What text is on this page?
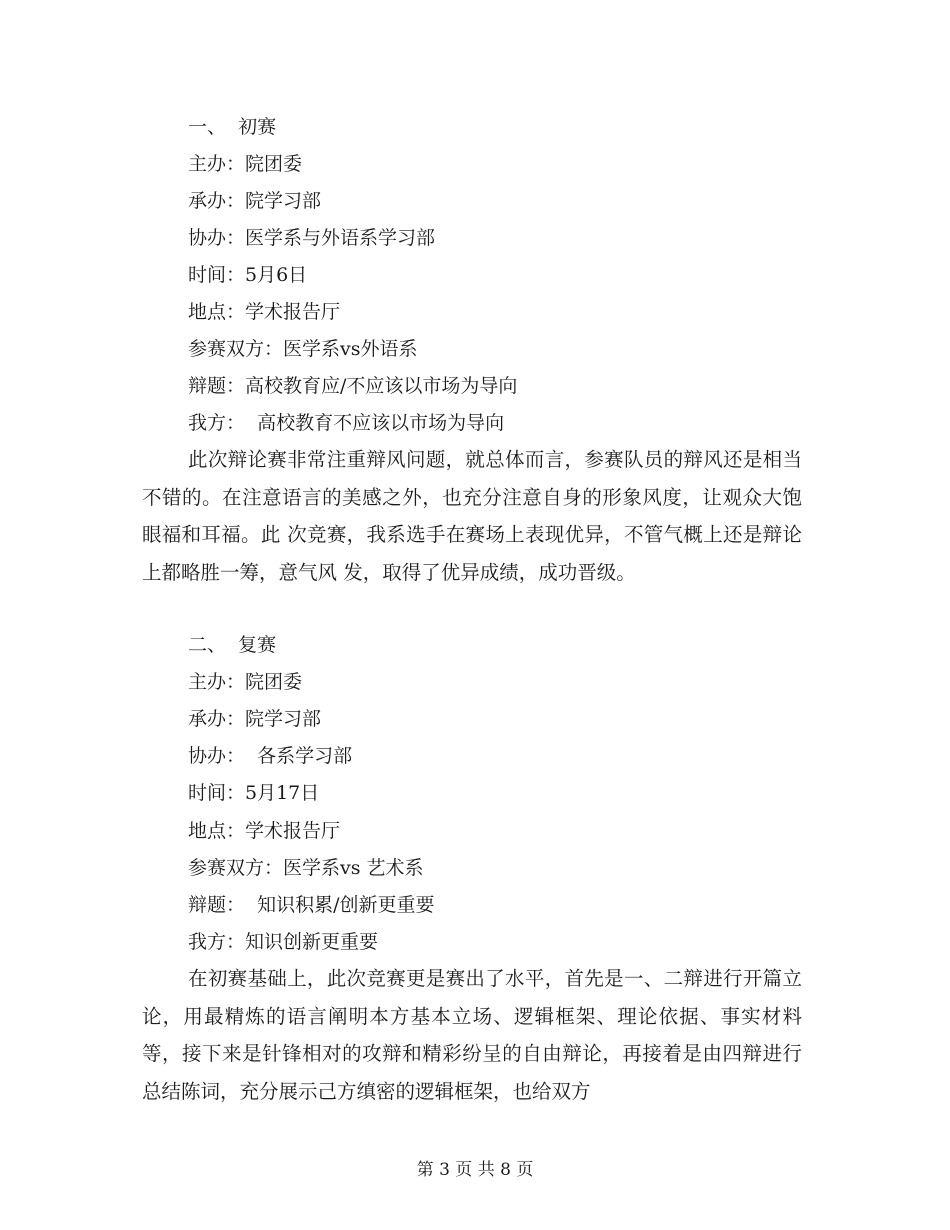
一、  初赛
主办：院团委
承办：院学习部
协办：医学系与外语系学习部
时间：5月6日
地点：学术报告厅
参赛双方：医学系vs外语系
辩题：高校教育应/不应该以市场为导向
我方：  高校教育不应该以市场为导向
此次辩论赛非常注重辩风问题，就总体而言，参赛队员的辩风还是相当不错的。在注意语言的美感之外，也充分注意自身的形象风度，让观众大饱眼福和耳福。此 次竞赛，我系选手在赛场上表现优异，不管气概上还是辩论上都略胜一筹，意气风 发，取得了优异成绩，成功晋级。
二、  复赛
主办：院团委
承办：院学习部
协办：  各系学习部
时间：5月17日
地点：学术报告厅
参赛双方：医学系vs 艺术系
辩题：  知识积累/创新更重要
我方：知识创新更重要
在初赛基础上，此次竞赛更是赛出了水平，首先是一、二辩进行开篇立论，用最精炼的语言阐明本方基本立场、逻辑框架、理论依据、事实材料等，接下来是针锋相对的攻辩和精彩纷呈的自由辩论，再接着是由四辩进行总结陈词，充分展示己方缜密的逻辑框架，也给双方
第 3 页 共 8 页
